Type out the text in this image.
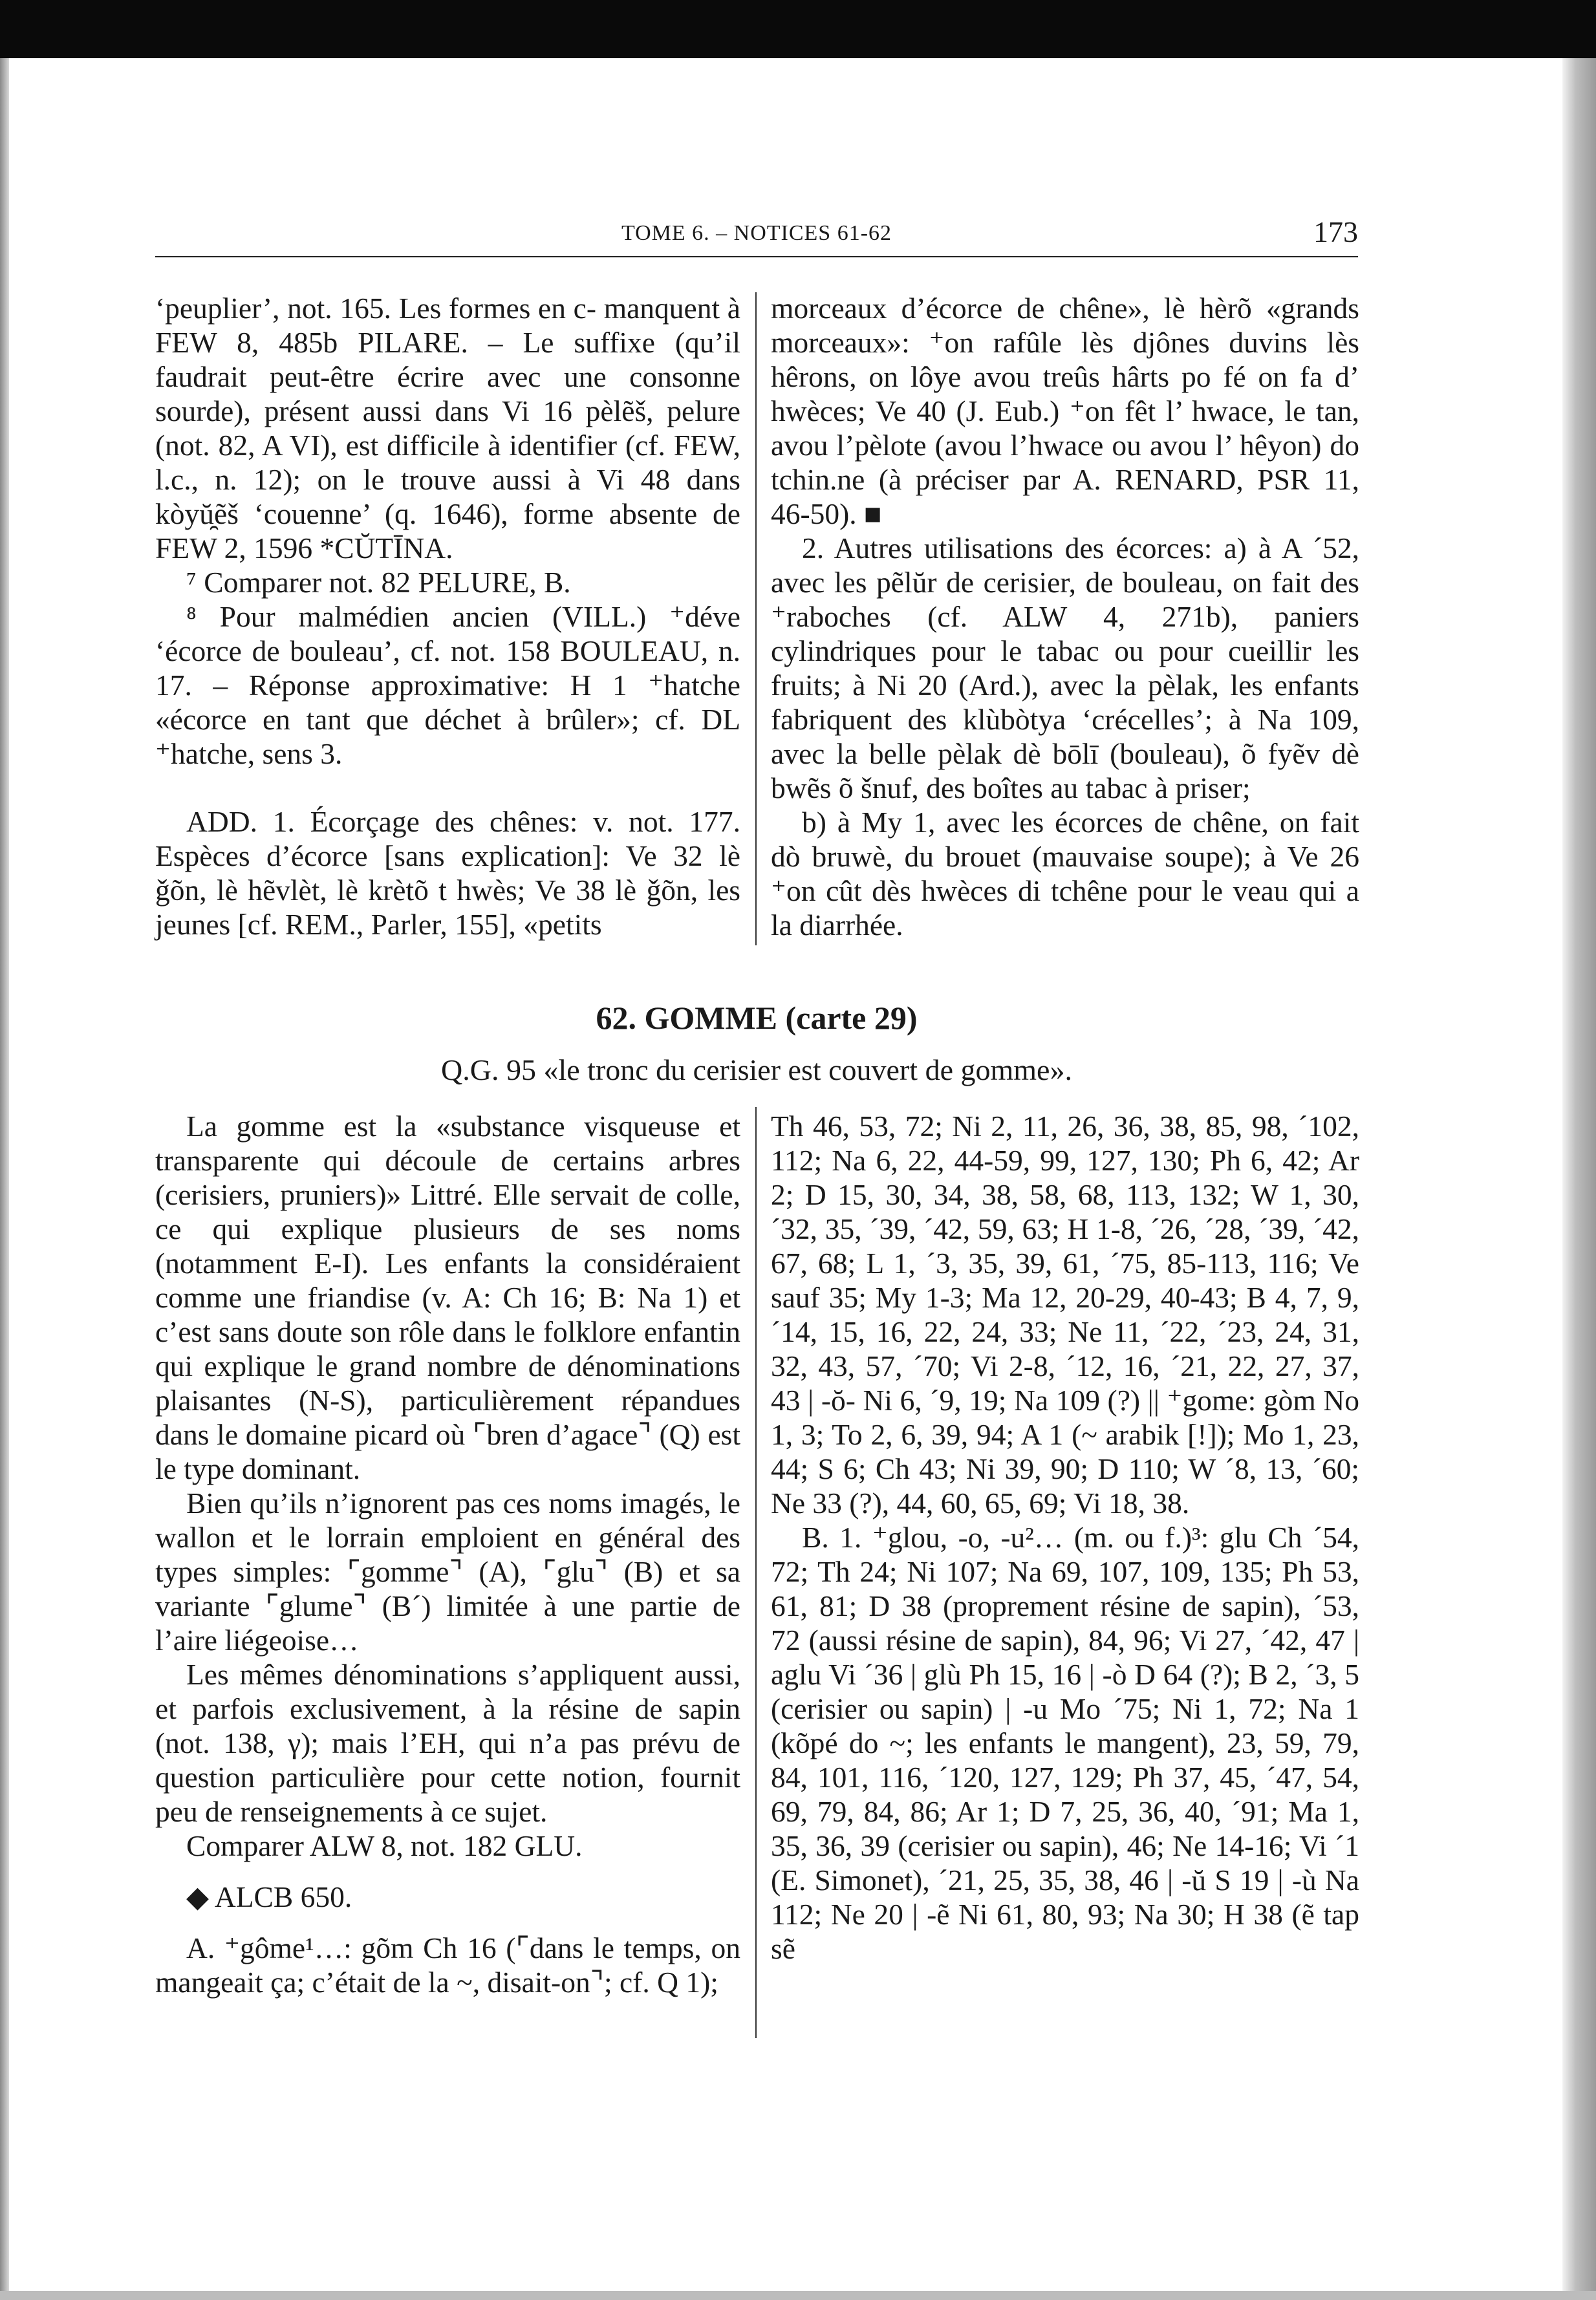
TOME 6. – NOTICES 61-62	173

‘peuplier’, not. 165. Les formes en c- manquent à FEW 8, 485b PILARE. – Le suffixe (qu’il faudrait peut-être écrire avec une consonne sourde), présent aussi dans Vi 16 pèlẽš, pelure (not. 82, A VI), est difficile à identifier (cf. FEW, l.c., n. 12); on le trouve aussi à Vi 48 dans kòyŭ̯ẽš ‘couenne’ (q. 1646), forme absente de FEW 2, 1596 *CŬTĪNA.

⁷ Comparer not. 82 PELURE, B.

⁸ Pour malmédien ancien (VILL.) ⁺déve ‘écorce de bouleau’, cf. not. 158 BOULEAU, n. 17. – Réponse approximative: H 1 ⁺hatche «écorce en tant que déchet à brûler»; cf. DL ⁺hatche, sens 3.

ADD. 1. Écorçage des chênes: v. not. 177. Espèces d’écorce [sans explication]: Ve 32 lè ǧõn, lè hẽvlèt, lè krètõ t hwès; Ve 38 lè ǧõn, les jeunes [cf. REM., Parler, 155], «petits

morceaux d’écorce de chêne», lè hèrõ «grands morceaux»: ⁺on rafûle lès djônes duvins lès hêrons, on lôye avou treûs hârts po fé on fa d’ hwèces; Ve 40 (J. Eub.) ⁺on fêt l’ hwace, le tan, avou l’pèlote (avou l’hwace ou avou l’ hêyon) do tchin.ne (à préciser par A. RENARD, PSR 11, 46-50). ■

2. Autres utilisations des écorces: a) à A ´52, avec les pẽlŭr de cerisier, de bouleau, on fait des ⁺raboches (cf. ALW 4, 271b), paniers cylindriques pour le tabac ou pour cueillir les fruits; à Ni 20 (Ard.), avec la pèlak, les enfants fabriquent des klùbòtya ‘crécelles’; à Na 109, avec la belle pèlak dè bōlī (bouleau), õ fyẽv dè bwẽs õ šnuf, des boîtes au tabac à priser;

b) à My 1, avec les écorces de chêne, on fait dò bruwè, du brouet (mauvaise soupe); à Ve 26 ⁺on cût dès hwèces di tchêne pour le veau qui a la diarrhée.

62. GOMME (carte 29)
Q.G. 95 «le tronc du cerisier est couvert de gomme».

La gomme est la «substance visqueuse et transparente qui découle de certains arbres (cerisiers, pruniers)» Littré. Elle servait de colle, ce qui explique plusieurs de ses noms (notamment E-I). Les enfants la considéraient comme une friandise (v. A: Ch 16; B: Na 1) et c’est sans doute son rôle dans le folklore enfantin qui explique le grand nombre de dénominations plaisantes (N-S), particulièrement répandues dans le domaine picard où ⌜bren d’agace⌝ (Q) est le type dominant.

Bien qu’ils n’ignorent pas ces noms imagés, le wallon et le lorrain emploient en général des types simples: ⌜gomme⌝ (A), ⌜glu⌝ (B) et sa variante ⌜glume⌝ (B´) limitée à une partie de l’aire liégeoise…

Les mêmes dénominations s’appliquent aussi, et parfois exclusivement, à la résine de sapin (not. 138, γ); mais l’EH, qui n’a pas prévu de question particulière pour cette notion, fournit peu de renseignements à ce sujet.

Comparer ALW 8, not. 182 GLU.

◆ ALCB 650.

A. ⁺gôme¹…: gõm Ch 16 (⌜dans le temps, on mangeait ça; c’était de la ~, disait-on⌝; cf. Q 1);

Th 46, 53, 72; Ni 2, 11, 26, 36, 38, 85, 98, ´102, 112; Na 6, 22, 44-59, 99, 127, 130; Ph 6, 42; Ar 2; D 15, 30, 34, 38, 58, 68, 113, 132; W 1, 30, ´32, 35, ´39, ´42, 59, 63; H 1-8, ´26, ´28, ´39, ´42, 67, 68; L 1, ´3, 35, 39, 61, ´75, 85-113, 116; Ve sauf 35; My 1-3; Ma 12, 20-29, 40-43; B 4, 7, 9, ´14, 15, 16, 22, 24, 33; Ne 11, ´22, ´23, 24, 31, 32, 43, 57, ´70; Vi 2-8, ´12, 16, ´21, 22, 27, 37, 43 | -ŏ- Ni 6, ´9, 19; Na 109 (?) || ⁺gome: gòm No 1, 3; To 2, 6, 39, 94; A 1 (~ arabik [!]); Mo 1, 23, 44; S 6; Ch 43; Ni 39, 90; D 110; W ´8, 13, ´60; Ne 33 (?), 44, 60, 65, 69; Vi 18, 38.

B. 1. ⁺glou, -o, -u²… (m. ou f.)³: glu Ch ´54, 72; Th 24; Ni 107; Na 69, 107, 109, 135; Ph 53, 61, 81; D 38 (proprement résine de sapin), ´53, 72 (aussi résine de sapin), 84, 96; Vi 27, ´42, 47 | aglu Vi ´36 | glù Ph 15, 16 | -ò D 64 (?); B 2, ´3, 5 (cerisier ou sapin) | -u Mo ´75; Ni 1, 72; Na 1 (kõpé do ~; les enfants le mangent), 23, 59, 79, 84, 101, 116, ´120, 127, 129; Ph 37, 45, ´47, 54, 69, 79, 84, 86; Ar 1; D 7, 25, 36, 40, ´91; Ma 1, 35, 36, 39 (cerisier ou sapin), 46; Ne 14-16; Vi ´1 (E. Simonet), ´21, 25, 35, 38, 46 | -ŭ S 19 | -ù Na 112; Ne 20 | -ẽ Ni 61, 80, 93; Na 30; H 38 (ẽ tap sẽ
